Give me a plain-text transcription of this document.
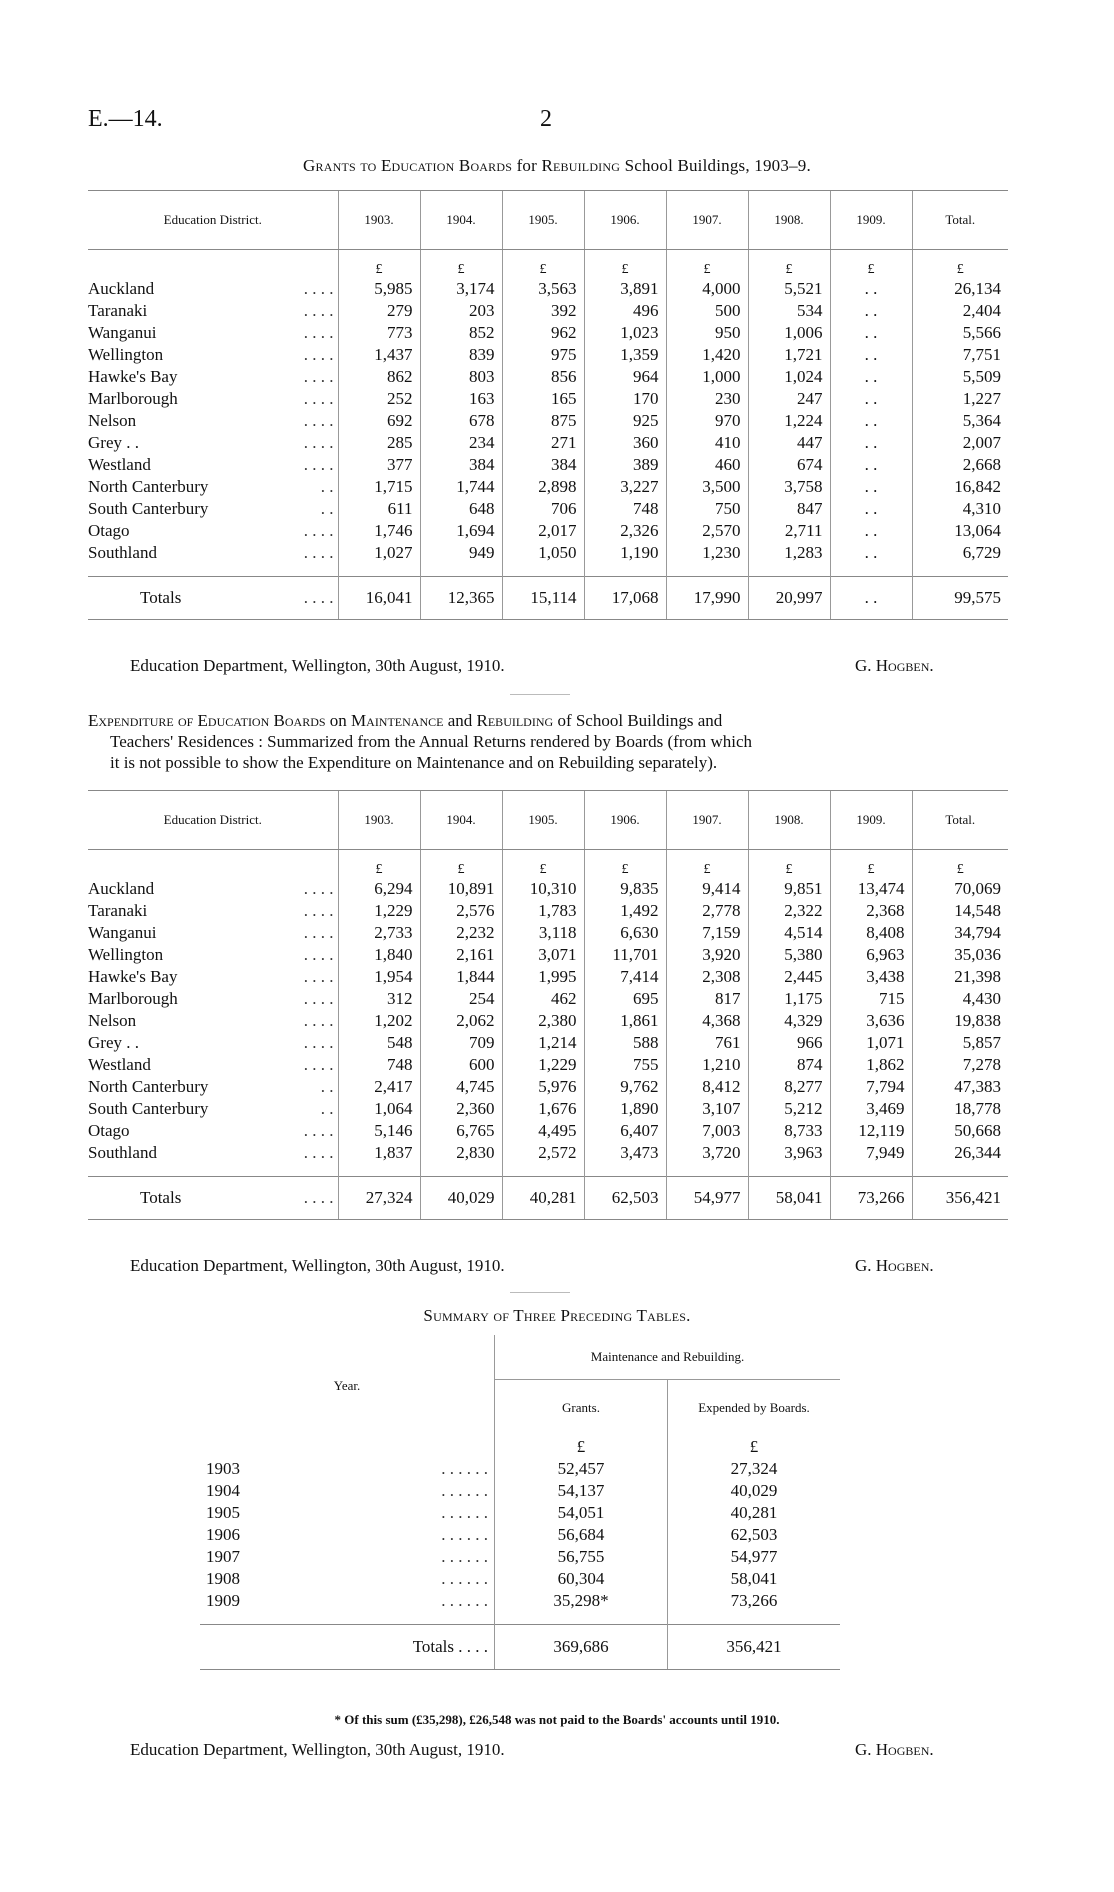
E.—14.	2
Grants to Education Boards for Rebuilding School Buildings, 1903–9.
Education District.		1903.	1904.	1905.	1906.	1907.	1908.	1909.	Total.
		£	£	£	£	£	£	£	£
Auckland	. . . .	5,985	3,174	3,563	3,891	4,000	5,521	. .	26,134
Taranaki	. . . .	279	203	392	496	500	534	. .	2,404
Wanganui	. . . .	773	852	962	1,023	950	1,006	. .	5,566
Wellington	. . . .	1,437	839	975	1,359	1,420	1,721	. .	7,751
Hawke's Bay	. . . .	862	803	856	964	1,000	1,024	. .	5,509
Marlborough	. . . .	252	163	165	170	230	247	. .	1,227
Nelson	. . . .	692	678	875	925	970	1,224	. .	5,364
Grey . .	. . . .	285	234	271	360	410	447	. .	2,007
Westland	. . . .	377	384	384	389	460	674	. .	2,668
North Canterbury	. .	1,715	1,744	2,898	3,227	3,500	3,758	. .	16,842
South Canterbury	. .	611	648	706	748	750	847	. .	4,310
Otago	. . . .	1,746	1,694	2,017	2,326	2,570	2,711	. .	13,064
Southland	. . . .	1,027	949	1,050	1,190	1,230	1,283	. .	6,729

Totals	. . . .	16,041	12,365	15,114	17,068	17,990	20,997	. .	99,575
Education Department, Wellington, 30th August, 1910.	G. Hogben.
Expenditure of Education Boards on Maintenance and Rebuilding of School Buildings and
Teachers' Residences : Summarized from the Annual Returns rendered by Boards (from which
it is not possible to show the Expenditure on Maintenance and on Rebuilding separately).
Education District.		1903.	1904.	1905.	1906.	1907.	1908.	1909.	Total.
		£	£	£	£	£	£	£	£
Auckland	. . . .	6,294	10,891	10,310	9,835	9,414	9,851	13,474	70,069
Taranaki	. . . .	1,229	2,576	1,783	1,492	2,778	2,322	2,368	14,548
Wanganui	. . . .	2,733	2,232	3,118	6,630	7,159	4,514	8,408	34,794
Wellington	. . . .	1,840	2,161	3,071	11,701	3,920	5,380	6,963	35,036
Hawke's Bay	. . . .	1,954	1,844	1,995	7,414	2,308	2,445	3,438	21,398
Marlborough	. . . .	312	254	462	695	817	1,175	715	4,430
Nelson	. . . .	1,202	2,062	2,380	1,861	4,368	4,329	3,636	19,838
Grey . .	. . . .	548	709	1,214	588	761	966	1,071	5,857
Westland	. . . .	748	600	1,229	755	1,210	874	1,862	7,278
North Canterbury	. .	2,417	4,745	5,976	9,762	8,412	8,277	7,794	47,383
South Canterbury	. .	1,064	2,360	1,676	1,890	3,107	5,212	3,469	18,778
Otago	. . . .	5,146	6,765	4,495	6,407	7,003	8,733	12,119	50,668
Southland	. . . .	1,837	2,830	2,572	3,473	3,720	3,963	7,949	26,344

Totals	. . . .	27,324	40,029	40,281	62,503	54,977	58,041	73,266	356,421
Education Department, Wellington, 30th August, 1910.	G. Hogben.
Summary of Three Preceding Tables.
Year.		Maintenance and Rebuilding.	
		Grants.	Expended by Boards.
		£	£
1903	. . . . . .	52,457	27,324
1904	. . . . . .	54,137	40,029
1905	. . . . . .	54,051	40,281
1906	. . . . . .	56,684	62,503
1907	. . . . . .	56,755	54,977
1908	. . . . . .	60,304	58,041
1909	. . . . . .	35,298*	73,266

Totals . . . .		369,686	356,421
* Of this sum (£35,298), £26,548 was not paid to the Boards' accounts until 1910.
Education Department, Wellington, 30th August, 1910.	G. Hogben.
